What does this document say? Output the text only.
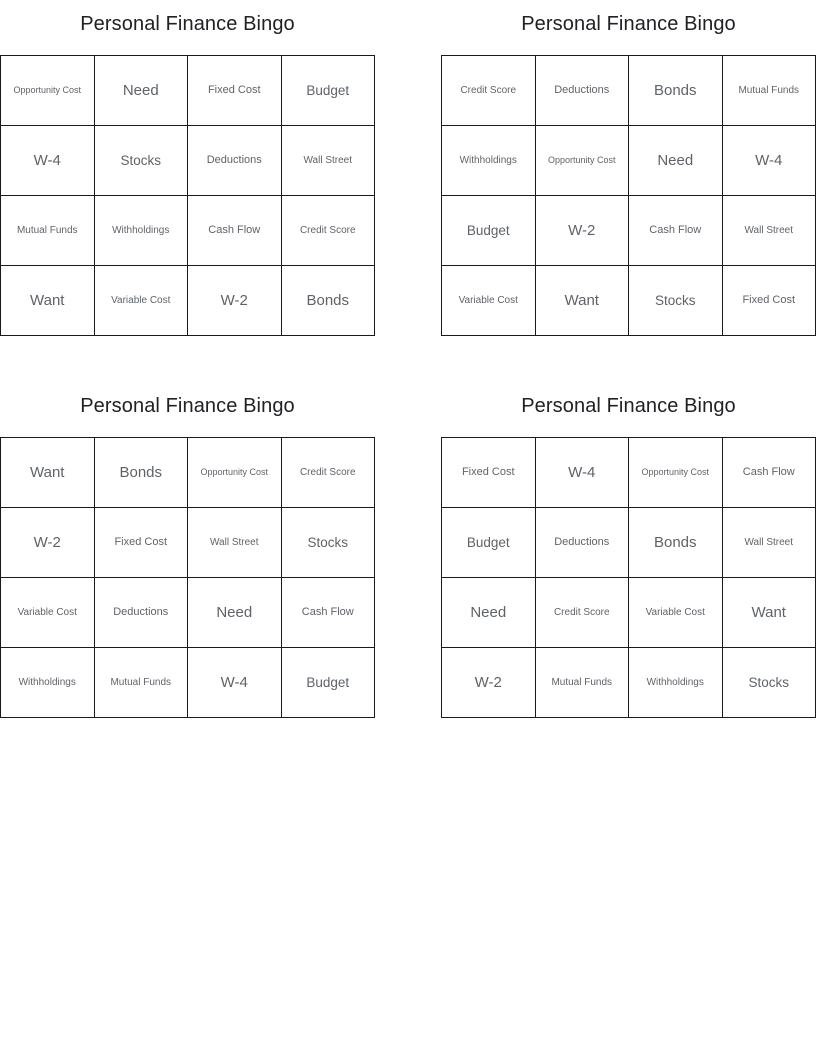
Personal Finance Bingo
Opportunity Cost	Need	Fixed Cost	Budget
W-4	Stocks	Deductions	Wall Street
Mutual Funds	Withholdings	Cash Flow	Credit Score
Want	Variable Cost	W-2	Bonds
Personal Finance Bingo
Credit Score	Deductions	Bonds	Mutual Funds
Withholdings	Opportunity Cost	Need	W-4
Budget	W-2	Cash Flow	Wall Street
Variable Cost	Want	Stocks	Fixed Cost
Personal Finance Bingo
Want	Bonds	Opportunity Cost	Credit Score
W-2	Fixed Cost	Wall Street	Stocks
Variable Cost	Deductions	Need	Cash Flow
Withholdings	Mutual Funds	W-4	Budget
Personal Finance Bingo
Fixed Cost	W-4	Opportunity Cost	Cash Flow
Budget	Deductions	Bonds	Wall Street
Need	Credit Score	Variable Cost	Want
W-2	Mutual Funds	Withholdings	Stocks
